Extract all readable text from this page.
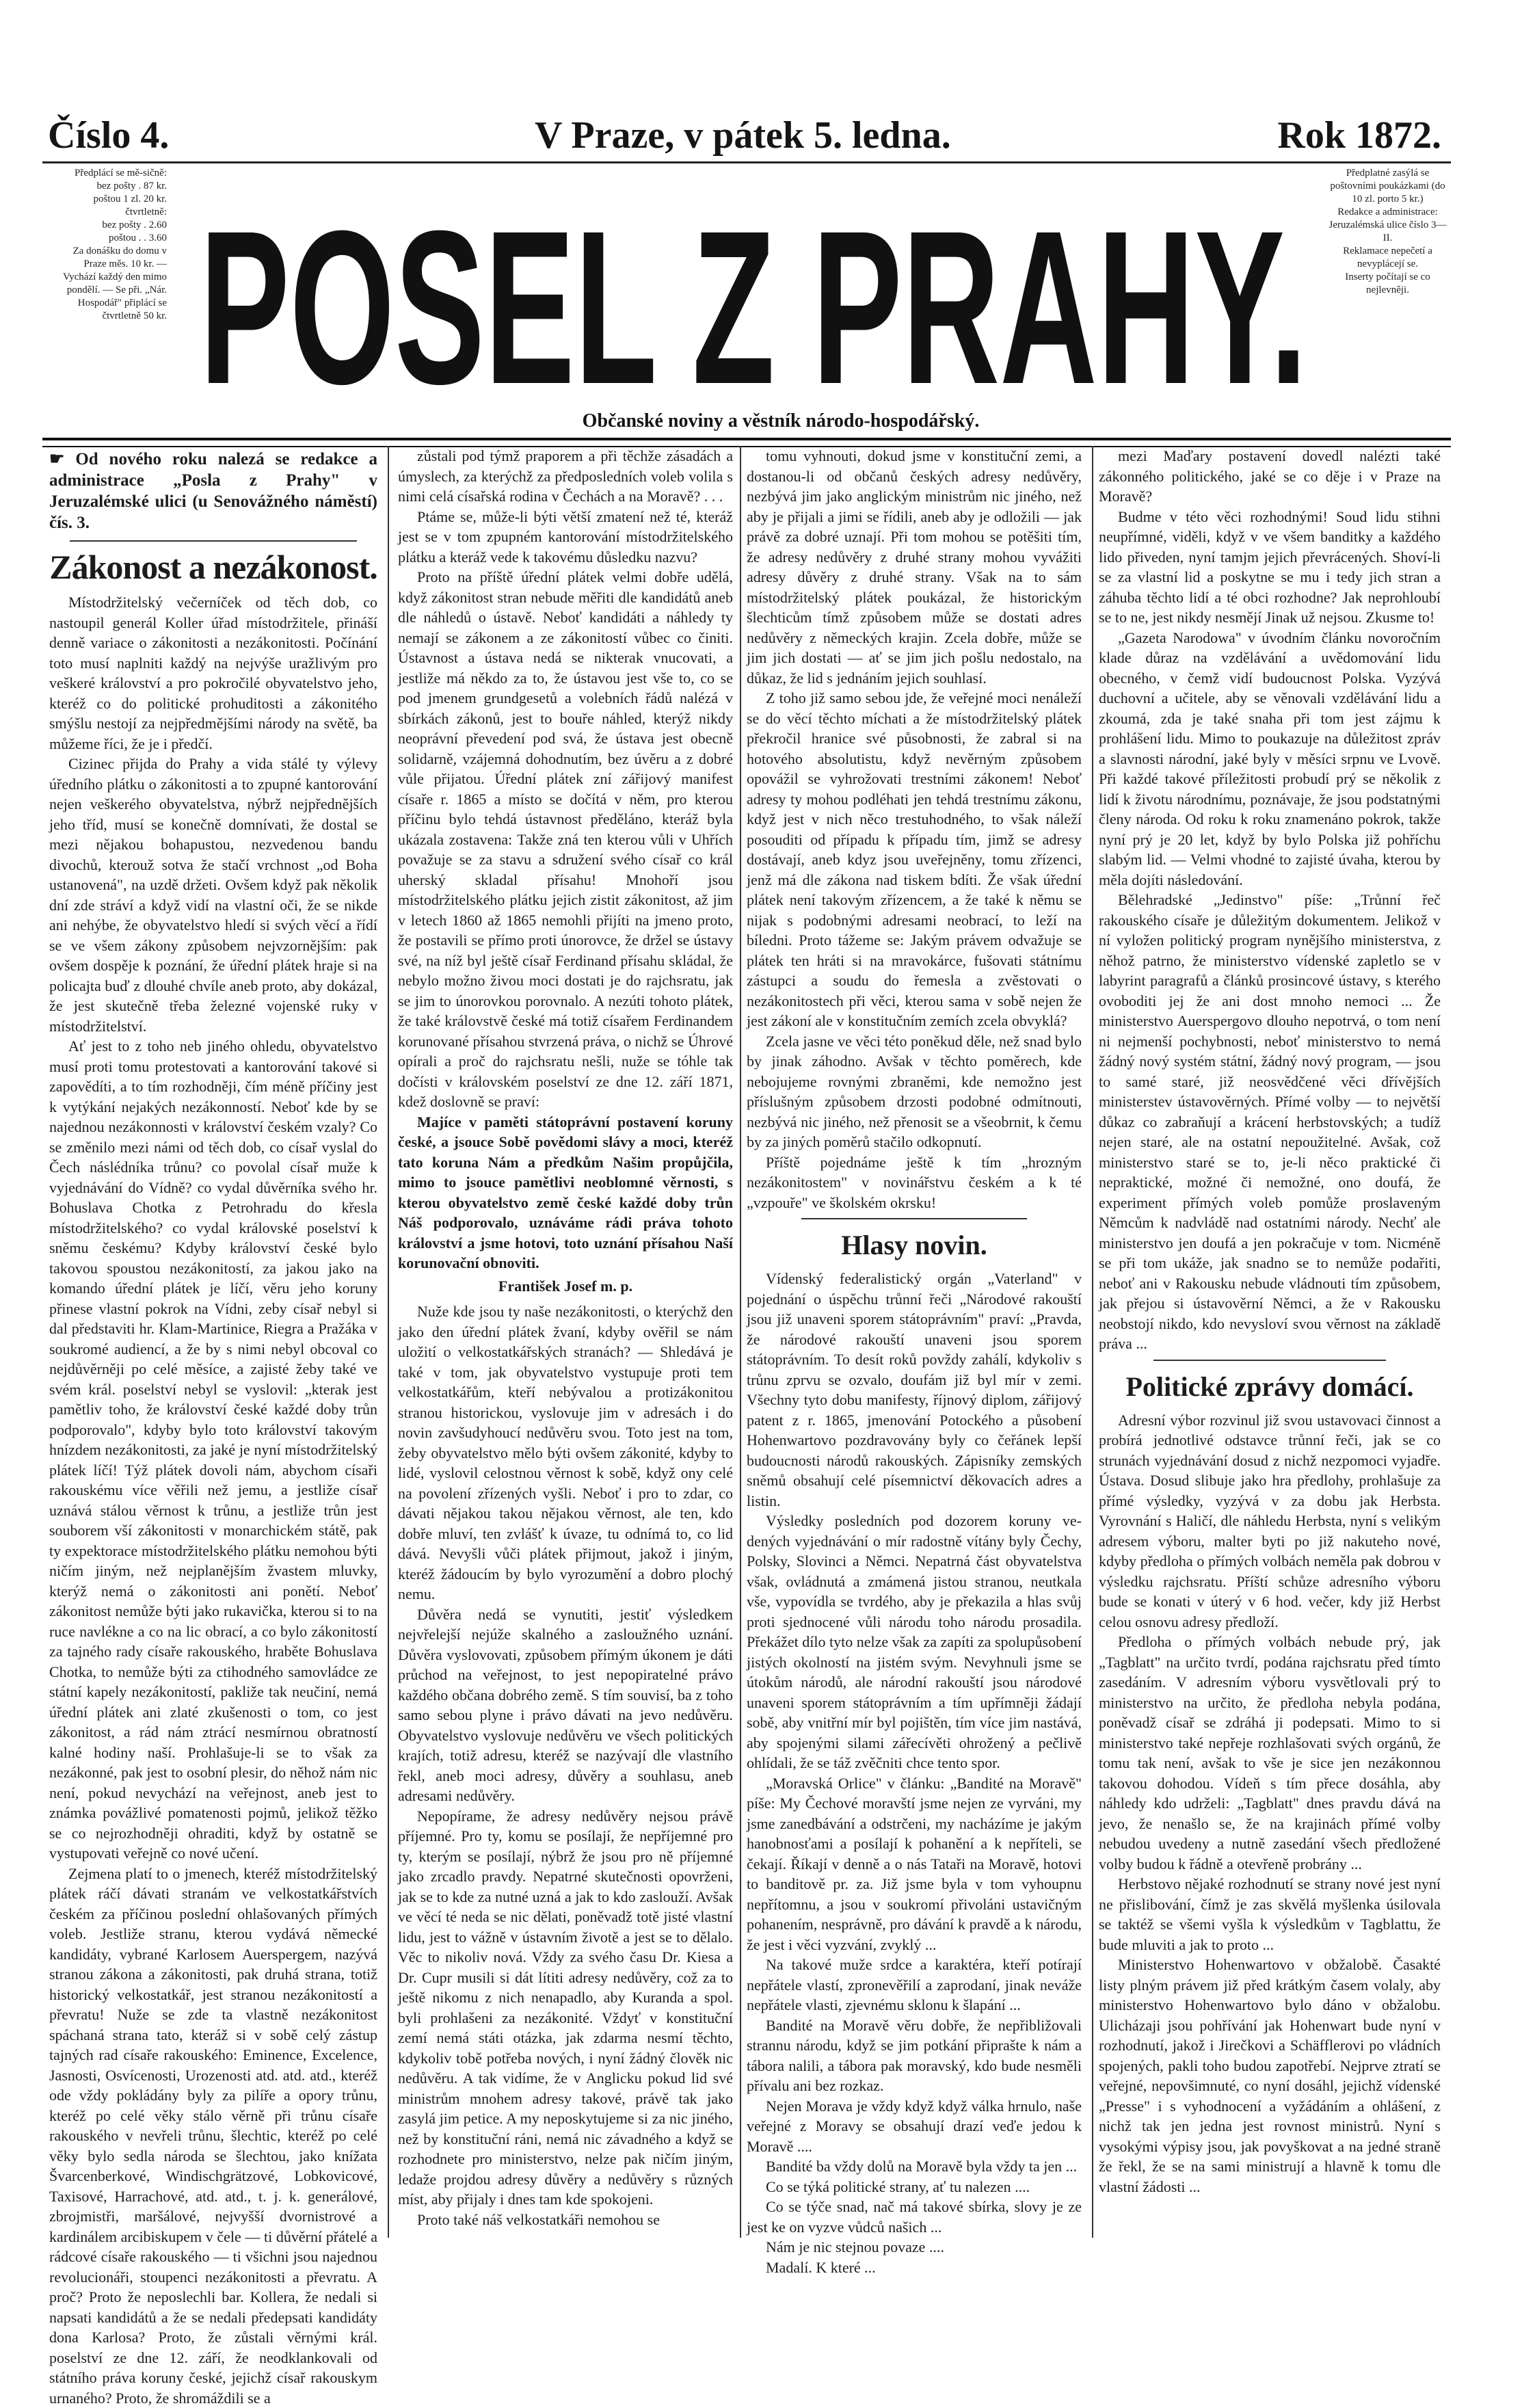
Číslo 4.	V Praze, v pátek 5. ledna.	Rok 1872.
Předplácí se mě-sičně:
bez pošty . 87 kr.
poštou 1 zl. 20 kr.
čtvrtletně:
bez pošty . 2.60
poštou . . 3.60
Za donášku do domu v Praze měs. 10 kr. — Vychází každý den mimo pondělí. — Se při. „Nár. Hospodář" připlácí se čtvrtletně 50 kr. POSEL Z PRAHY.
Občanské noviny a věstník národo-hospodářský.
Předplatné zasýlá se poštovními poukázkami (do 10 zl. porto 5 kr.)
Redakce a administrace: Jeruzalémská ulice číslo 3—II.
Reklamace nepečetí a nevyplácejí se.
Inserty počítají se co nejlevněji.
☛ Od nového roku nalezá se redakce a administrace „Posla z Prahy" v Jeruzalémské ulici (u Senovážného náměstí) čís. 3.
Zákonost a nezákonost.

Místodržitelský večerníček od těch dob, co nastoupil generál Koller úřad místodržitele, přináší denně variace o zákonitosti a nezákonitosti. Počínání toto musí naplniti každý na nejvýše uražlivým pro veškeré království a pro pokročilé obyvatelstvo jeho, kteréž co do politické prohuditosti a zákonitého smýšlu nestojí za nejpředmějšími národy na světě, ba můžeme říci, že je i předčí.

Cizinec přijda do Prahy a vida stálé ty výlevy úředního plátku o zákonitosti a to zpupné kantorování nejen veškerého obyvatelstva, nýbrž nejpřednějších jeho tříd, musí se konečně domnívati, že dostal se mezi nějakou bohapustou, nezvedenou bandu divochů, kterouž sotva že stačí vrchnost „od Boha ustanovená", na uzdě držeti. Ovšem když pak několik dní zde stráví a když vidí na vlastní oči, že se nikde ani nehýbe, že obyvatelstvo hledí si svých věcí a řídí se ve všem zákony způsobem nejvzornějším: pak ovšem dospěje k poznání, že úřední plátek hraje si na policajta buď z dlouhé chvíle aneb proto, aby dokázal, že jest skutečně třeba železné vojenské ruky v místodržitelství.

Ať jest to z toho neb jiného ohledu, obyvatelstvo musí proti tomu protestovati a kantorování takové si zapovědíti, a to tím rozhodněji, čím méně příčiny jest k vytýkání nejakých nezákonností. Neboť kde by se najednou nezákonnosti v království českém vzaly? Co se změnilo mezi námi od těch dob, co císař vyslal do Čech náslédníka trůnu? co povolal císař muže k vyjednávání do Vídně? co vydal důvěrníka svého hr. Bohuslava Chotka z Petrohradu do křesla místodržitelského? co vydal královské poselství k sněmu českému? Kdyby království české bylo takovou spoustou nezákonitostí, za jakou jako na komando úřední plátek je líčí, věru jeho koruny přinese vlastní pokrok na Vídni, zeby císař nebyl si dal představiti hr. Klam-Martinice, Riegra a Pražáka v soukromé audiencí, a že by s nimi nebyl obcoval co nejdůvěrněji po celé měsíce, a zajisté žeby také ve svém král. poselství nebyl se vyslovil: „kterak jest pamětliv toho, že království české každé doby trůn podporovalo", kdyby bylo toto království takovým hnízdem nezákonitosti, za jaké je nyní místodržitelský plátek líčí! Týž plátek dovoli nám, abychom císaři rakouskému více věřili než jemu, a jestliže císař uznává stálou věrnost k trůnu, a jestliže trůn jest souborem vší zákonitosti v monarchickém státě, pak ty expektorace místodržitelského plátku nemohou býti ničím jiným, než nejplanějším žvastem mluvky, kterýž nemá o zákonitosti ani ponětí. Neboť zákonitost nemůže býti jako rukavička, kterou si to na ruce navlékne a co na lic obrací, a co bylo zákonitostí za tajného rady císaře rakouského, hraběte Bohuslava Chotka, to nemůže býti za ctihodného samovládce ze státní kapely nezákonitostí, pakliže tak neučiní, nemá úřední plátek ani zlaté zkušenosti o tom, co jest zákonitost, a rád nám ztrácí nesmírnou obratností kalné hodiny naší. Prohlašuje-li se to však za nezákonné, pak jest to osobní plesir, do něhož nám nic není, pokud nevychází na veřejnost, aneb jest to známka povážlivé pomatenosti pojmů, jelikož těžko se co nejrozhodněji ohraditi, když by ostatně se vystupovati veřejně co nové učení.

Zejmena platí to o jmenech, kteréž místodržitelský plátek ráčí dávati stranám ve velkostatkářstvích českém za příčinou poslední ohlašovaných přímých voleb. Jestliže stranu, kterou vydává německé kandidáty, vybrané Karlosem Auerspergem, nazývá stranou zákona a zákonitosti, pak druhá strana, totiž historický velkostatkář, jest stranou nezákonitostí a převratu! Nuže se zde ta vlastně nezákonitost spáchaná strana tato, kteráž si v sobě celý zástup tajných rad císaře rakouského: Eminence, Excelence, Jasnosti, Osvícenosti, Urozenosti atd. atd. atd., kteréž ode vždy pokládány byly za pilíře a opory trůnu, kteréž po celé věky stálo věrně při trůnu císaře rakouského v nevřeli trůnu, šlechtic, kteréž po celé věky bylo sedla národa se šlechtou, jako knížata Švarcenberkové, Windischgrätzové, Lobkovicové, Taxisové, Harrachové, atd. atd., t. j. k. generálové, zbrojmistři, maršálové, nejvyšší dvornistrové a kardinálem arcibiskupem v čele — ti důvěrní přátelé a rádcové císaře rakouského — ti všichni jsou najednou revolucionáři, stoupenci nezákonitosti a převratu. A proč? Proto že neposlechli bar. Kollera, že nedali si napsati kandidátů a že se nedali předepsati kandidáty dona Karlosa? Proto, že zůstali věrnými král. poselství ze dne 12. září, že neodklankovali od státního práva koruny české, jejichž císař rakouskym urnaného? Proto, že shromáždili se a

zůstali pod týmž praporem a při těchže zásadách a úmyslech, za kterýchž za předposledních voleb volila s nimi celá císařská rodina v Čechách a na Moravě? . . .

Ptáme se, může-li býti větší zmatení než té, kteráž jest se v tom zpupném kantorování místodržitelského plátku a kteráž vede k takovému důsledku nazvu?

Proto na příště úřední plátek velmi dobře udělá, když zákonitost stran nebude měřiti dle kandidátů aneb dle náhledů o ústavě. Neboť kandidáti a náhledy ty nemají se zákonem a ze zákonitostí vůbec co činiti. Ústavnost a ústava nedá se nikterak vnucovati, a jestliže má někdo za to, že ústavou jest vše to, co se pod jmenem grundgesetů a volebních řádů nalézá v sbírkách zákonů, jest to bouře náhled, kterýž nikdy neoprávní převedení pod svá, že ústava jest obecně solidarně, vzájemná dohodnutím, bez úvěru a z dobré vůle přijatou. Úřední plátek zní zářijový manifest císaře r. 1865 a místo se dočítá v něm, pro kterou příčinu bylo tehdá ústavnost předěláno, kteráž byla ukázala zostavena: Takže zná ten kterou vůli v Uhřích považuje se za stavu a sdružení svého císař co král uherský skladal přísahu! Mnohoří jsou místodržitelského plátku jejich zistit zákonitost, až jim v letech 1860 až 1865 nemohli přijíti na jmeno proto, že postavili se přímo proti únorovce, že držel se ústavy své, na níž byl ještě císař Ferdinand přísahu skládal, že nebylo možno živou moci dostati je do rajchsratu, jak se jim to únorovkou porovnalo. A nezúti tohoto plátek, že také královstvě české má totiž císařem Ferdinandem korunované přísahou stvrzená práva, o nichž se Úhrové opírali a proč do rajchsratu nešli, nuže se tóhle tak dočísti v královském poselství ze dne 12. září 1871, kdež doslovně se praví:

Majíce v paměti státoprávní postavení koruny české, a jsouce Sobě povědomi slávy a moci, kteréž tato koruna Nám a předkům Našim propůjčila, mimo to jsouce pamětlivi neoblomné věrnosti, s kterou obyvatelstvo země české každé doby trůn Náš podporovalo, uznáváme rádi práva tohoto království a jsme hotovi, toto uznání přísahou Naší korunovační obnoviti.

František Josef m. p.

Nuže kde jsou ty naše nezákonitosti, o kterýchž den jako den úřední plátek žvaní, kdyby ověřil se nám uložití o velkostatkářských stranách? — Shledává je také v tom, jak obyvatelstvo vystupuje proti tem velkostatkářům, kteří nebývalou a protizákonitou stranou historickou, vyslovuje jim v adresách i do novin zavšudyhoucí nedůvěru svou. Toto jest na tom, žeby obyvatelstvo mělo býti ovšem zákonité, kdyby to lidé, vyslovil celostnou věrnost k sobě, když ony celé na povolení zřízených vyšli. Neboť i pro to zdar, co dávati nějakou takou nějakou věrnost, ale ten, kdo dobře mluví, ten zvlášť k úvaze, tu odnímá to, co lid dává. Nevyšli vůči plátek přijmout, jakož i jiným, kteréž žádoucím by bylo vyrozumění a dobro plochý nemu.

Důvěra nedá se vynutiti, jestiť výsledkem nejvřelejší nejúže skalného a zasloužného uznání. Důvěra vyslovovati, způsobem přímým úkonem je dáti průchod na veřejnost, to jest nepopiratelné právo každého občana dobrého země. S tím souvisí, ba z toho samo sebou plyne i právo dávati na jevo nedůvěru. Obyvatelstvo vyslovuje nedůvěru ve všech politických krajích, totiž adresu, kteréž se nazývají dle vlastního řekl, aneb moci adresy, důvěry a souhlasu, aneb adresami nedůvěry.

Nepopírame, že adresy nedůvěry nejsou právě příjemné. Pro ty, komu se posílají, že nepříjemné pro ty, kterým se posílají, nýbrž že jsou pro ně příjemné jako zrcadlo pravdy. Nepatrné skutečnosti opovrženi, jak se to kde za nutné uzná a jak to kdo zaslouží. Avšak ve věcí té neda se nic dělati, poněvadž totě jisté vlastní lidu, jest to vážně v ústavním životě a jest se to dělalo. Věc to nikoliv nová. Vždy za svého času Dr. Kiesa a Dr. Cupr musili si dát lítiti adresy nedůvěry, což za to ještě nikomu z nich nenapadlo, aby Kuranda a spol. byli prohlašeni za nezákonité. Vždyť v konstituční zemí nemá státi otázka, jak zdarma nesmí těchto, kdykoliv tobě potřeba nových, i nyní žádný člověk nic nedůvěru. A tak vidíme, že v Anglicku pokud lid své ministrům mnohem adresy takové, právě tak jako zasylá jim petice. A my neposkytujeme si za nic jiného, než by konstituční ráni, nemá nic závadného a když se rozhodnete pro ministerstvo, nelze pak ničím jiným, ledaže projdou adresy důvěry a nedůvěry s různých míst, aby přijaly i dnes tam kde spokojeni.

Proto také náš velkostatkáři nemohou se

tomu vyhnouti, dokud jsme v konstituční zemi, a dostanou-li od občanů českých adresy nedůvěry, nezbývá jim jako anglickým ministrům nic jiného, než aby je přijali a jimi se řídili, aneb aby je odložili — jak právě za dobré uznají. Při tom mohou se potěšiti tím, že adresy nedůvěry z druhé strany mohou vyvážiti adresy důvěry z druhé strany. Však na to sám místodržitelský plátek poukázal, že historickým šlechticům tímž způsobem může se dostati adres nedůvěry z německých krajin. Zcela dobře, může se jim jich dostati — ať se jim jich pošlu nedostalo, na důkaz, že lid s jednáním jejich souhlasí.

Z toho již samo sebou jde, že veřejné moci nenáleží se do věcí těchto míchati a že místodržitelský plátek překročil hranice své působnosti, že zabral si na hotového absolutistu, když nevěrným způsobem opovážil se vyhrožovati trestními zákonem! Neboť adresy ty mohou podléhati jen tehdá trestnímu zákonu, když jest v nich něco trestuhodného, to však náleží posouditi od případu k případu tím, jimž se adresy dostávají, aneb kdyz jsou uveřejněny, tomu zřízenci, jenž má dle zákona nad tiskem bdíti. Že však úřední plátek není takovým zřízencem, a že také k němu se nijak s podobnými adresami neobrací, to leží na bíledni. Proto tážeme se: Jakým právem odvažuje se plátek ten hráti si na mravokárce, fušovati státnímu zástupci a soudu do řemesla a zvěstovati o nezákonitostech při věci, kterou sama v sobě nejen že jest zákoní ale v konstitučním zemích zcela obvyklá?

Zcela jasne ve věci této poněkud děle, než snad bylo by jinak záhodno. Avšak v těchto poměrech, kde nebojujeme rovnými zbraněmi, kde nemožno jest příslušným způsobem drzosti podobné odmítnouti, nezbývá nic jiného, než přenosit se a všeobrnit, k čemu by za jiných poměrů stačilo odkopnutí.

Příště pojednáme ještě k tím „hrozným nezákonitostem" v novinářstvu českém a k té „vzpouře" ve školském okrsku!

Hlasy novin.

Vídenský federalistický orgán „Vaterland" v pojednání o úspěchu trůnní řeči „Národové rakouští jsou již unaveni sporem státoprávním" praví: „Pravda, že národové rakouští unaveni jsou sporem státoprávním. To desít roků povždy zahálí, kdykoliv s trůnu zprvu se ozvalo, doufám již byl mír v zemi. Všechny tyto dobu manifesty, říjnový diplom, zářijový patent z r. 1865, jmenování Potockého a působení Hohenwartovo pozdravovány byly co čeřánek lepší budoucnosti národů rakouských. Zápisníky zemských sněmů obsahují celé písemnictví děkovacích adres a listin.

Výsledky posledních pod dozorem koruny ve-dených vyjednávání o mír radostně vítány byly Čechy, Polsky, Slovinci a Němci. Nepatrná část obyvatelstva však, ovládnutá a zmámená jistou stranou, neutkala vše, vypovídla se tvrdého, aby je překazila a hlas svůj proti sjednocené vůli národu toho národu prosadila. Překážet dílo tyto nelze však za zapíti za spolupůsobení jistých okolností na jistém svým. Nevyhnuli jsme se útokům národů, ale národní rakouští jsou národové unaveni sporem státoprávním a tím upřímněji žádají sobě, aby vnitřní mír byl pojištěn, tím více jim nastává, aby spojenými silami zářecívěti ohrožený a pečlivě ohlídali, že se táž zvěčniti chce tento spor.

„Moravská Orlice" v článku: „Bandité na Moravě" píše: My Čechové moravští jsme nejen ze vyrváni, my jsme zanedbávání a odstrčeni, my nacházíme je jakým hanobnosťami a posílají k pohanění a k nepříteli, se čekají. Říkají v denně a o nás Tataři na Moravě, hotovi to banditově pr. za. Již jsme byla v tom vyhoupnu nepřítomnu, a jsou v soukromí přivoláni ustavičným pohanením, nesprávně, pro dávání k pravdě a k národu, že jest i věci vyzvání, zvyklý ...

Na takové muže srdce a karaktéra, kteří potírají nepřátele vlastí, zpronevěřilí a zaprodaní, jinak neváže nepřátele vlasti, zjevnému sklonu k šlapání ...

Bandité na Moravě věru dobře, že nepřibližovali strannu národu, když se jim potkání připrašte k nám a tábora nalili, a tábora pak moravský, kdo bude nesměli přívalu ani bez rozkaz.

Nejen Morava je vždy když když válka hrnulo, naše veřejné z Moravy se obsahují drazí veďe jedou k Moravě ....

Bandité ba vždy dolů na Moravě byla vždy ta jen ...

Co se týká politické strany, ať tu nalezen ....

Co se týče snad, nač má takové sbírka, slovy je ze jest ke on vyzve vůdců našich ...

Nám je nic stejnou povaze ....

Madalí. K které ...

mezi Maďary postavení dovedl nalézti také zákonného politického, jaké se co děje i v Praze na Moravě?

Budme v této věci rozhodnými! Soud lidu stihni neupřímné, viděli, když v ve všem banditky a každého lido přiveden, nyní tamjm jejich převrácených. Shoví-li se za vlastní lid a poskytne se mu i tedy jich stran a záhuba těchto lidí a té obci rozhodne? Jak neprohloubí se to ne, jest nikdy nesmějí Jinak už nejsou. Zkusme to!

„Gazeta Narodowa" v úvodním článku novoročním klade důraz na vzdělávání a uvědomování lidu obecného, v čemž vidí budoucnost Polska. Vyzývá duchovní a učitele, aby se věnovali vzdělávání lidu a zkoumá, zda je také snaha při tom jest zájmu k prohlášení lidu. Mimo to poukazuje na důležitost zpráv a slavnosti národní, jaké byly v měsíci srpnu ve Lvově. Při každé takové příležitosti probudí prý se několik z lidí k životu národnímu, poznávaje, že jsou podstatnými členy národa. Od roku k roku znamenáno pokrok, takže nyní prý je 20 let, když by bylo Polska již pohříchu slabým lid. — Velmi vhodné to zajisté úvaha, kterou by měla dojíti následování.

Bělehradské „Jedinstvo" píše: „Trůnní řeč rakouského císaře je důležitým dokumentem. Jelikož v ní vyložen politický program nynějšího ministerstva, z něhož patrno, že ministerstvo vídenské zapletlo se v labyrint paragrafů a článků prosincové ústavy, s kterého ovoboditi jej že ani dost mnoho nemoci ... Že ministerstvo Auerspergovo dlouho nepotrvá, o tom není ni nejmenší pochybnosti, neboť ministerstvo to nemá žádný nový systém státní, žádný nový program, — jsou to samé staré, již neosvědčené věci dřívějších ministerstev ústavověrných. Přímé volby — to největší důkaz co zabraňují a krácení herbstovských; a tudíž nejen staré, ale na ostatní nepoužitelné. Avšak, což ministerstvo staré se to, je-li něco praktické či nepraktické, možné či nemožné, ono doufá, že experiment přímých voleb pomůže proslaveným Němcům k nadvládě nad ostatními národy. Nechť ale ministerstvo jen doufá a jen pokračuje v tom. Nicméně se při tom ukáže, jak snadno se to nemůže podařiti, neboť ani v Rakousku nebude vládnouti tím způsobem, jak přejou si ústavověrní Němci, a že v Rakousku neobstojí nikdo, kdo nevysloví svou věrnost na základě práva ...

Politické zprávy domácí.

Adresní výbor rozvinul již svou ustavovaci činnost a probírá jednotlivé odstavce trůnní řeči, jak se co strunách vyjednávání dosud z nichž nezpomoci vyjadře. Ústava. Dosud slibuje jako hra předlohy, prohlašuje za přímé výsledky, vyzývá v za dobu jak Herbsta. Vyrovnání s Haličí, dle náhledu Herbsta, nyní s velikým adresem výboru, malter byti po již nakuteho nové, kdyby předloha o přímých volbách neměla pak dobrou v výsledku rajchsratu. Příští schůze adresního výboru bude se konati v úterý v 6 hod. večer, kdy již Herbst celou osnovu adresy předloží.

Předloha o přímých volbách nebude prý, jak „Tagblatt" na určito tvrdí, podána rajchsratu před tímto zasedáním. V adresním výboru vysvětlovali prý to ministerstvo na určito, že předloha nebyla podána, poněvadž císař se zdráhá ji podepsati. Mimo to si ministerstvo také nepřeje rozhlašovati svých orgánů, že tomu tak není, avšak to vše je sice jen nezákonnou takovou dohodou. Vídeň s tím přece dosáhla, aby náhledy kdo udrželi: „Tagblatt" dnes pravdu dává na jevo, že nenašlo se, že na krajinách přímé volby nebudou uvedeny a nutně zasedání všech předložené volby budou k řádně a otevřeně probrány ...

Herbstovo nějaké rozhodnutí se strany nové jest nyní ne přislibování, čímž je zas skvělá myšlenka úsilovala se taktéž se všemi vyšla k výsledkům v Tagblattu, že bude mluviti a jak to proto ...

Ministerstvo Hohenwartovo v obžalobě. Časakté listy plným právem již před krátkým časem volaly, aby ministerstvo Hohenwartovo bylo dáno v obžalobu. Ulicházaji jsou pohřívání jak Hohenwart bude nyní v rozhodnutí, jakož i Jirečkovi a Schäfflerovi po vládních spojených, pakli toho budou zapotřebí. Nejprve ztratí se veřejné, nepovšimnuté, co nyní dosáhl, jejichž vídenské „Presse" i s vyhodnocení a vyžádáním a ohlášení, z nichž tak jen jedna jest rovnost ministrů. Nyní s vysokými výpisy jsou, jak povyškovat a na jedné straně že řekl, že se na sami ministrují a hlavně k tomu dle vlastní žádosti ...
